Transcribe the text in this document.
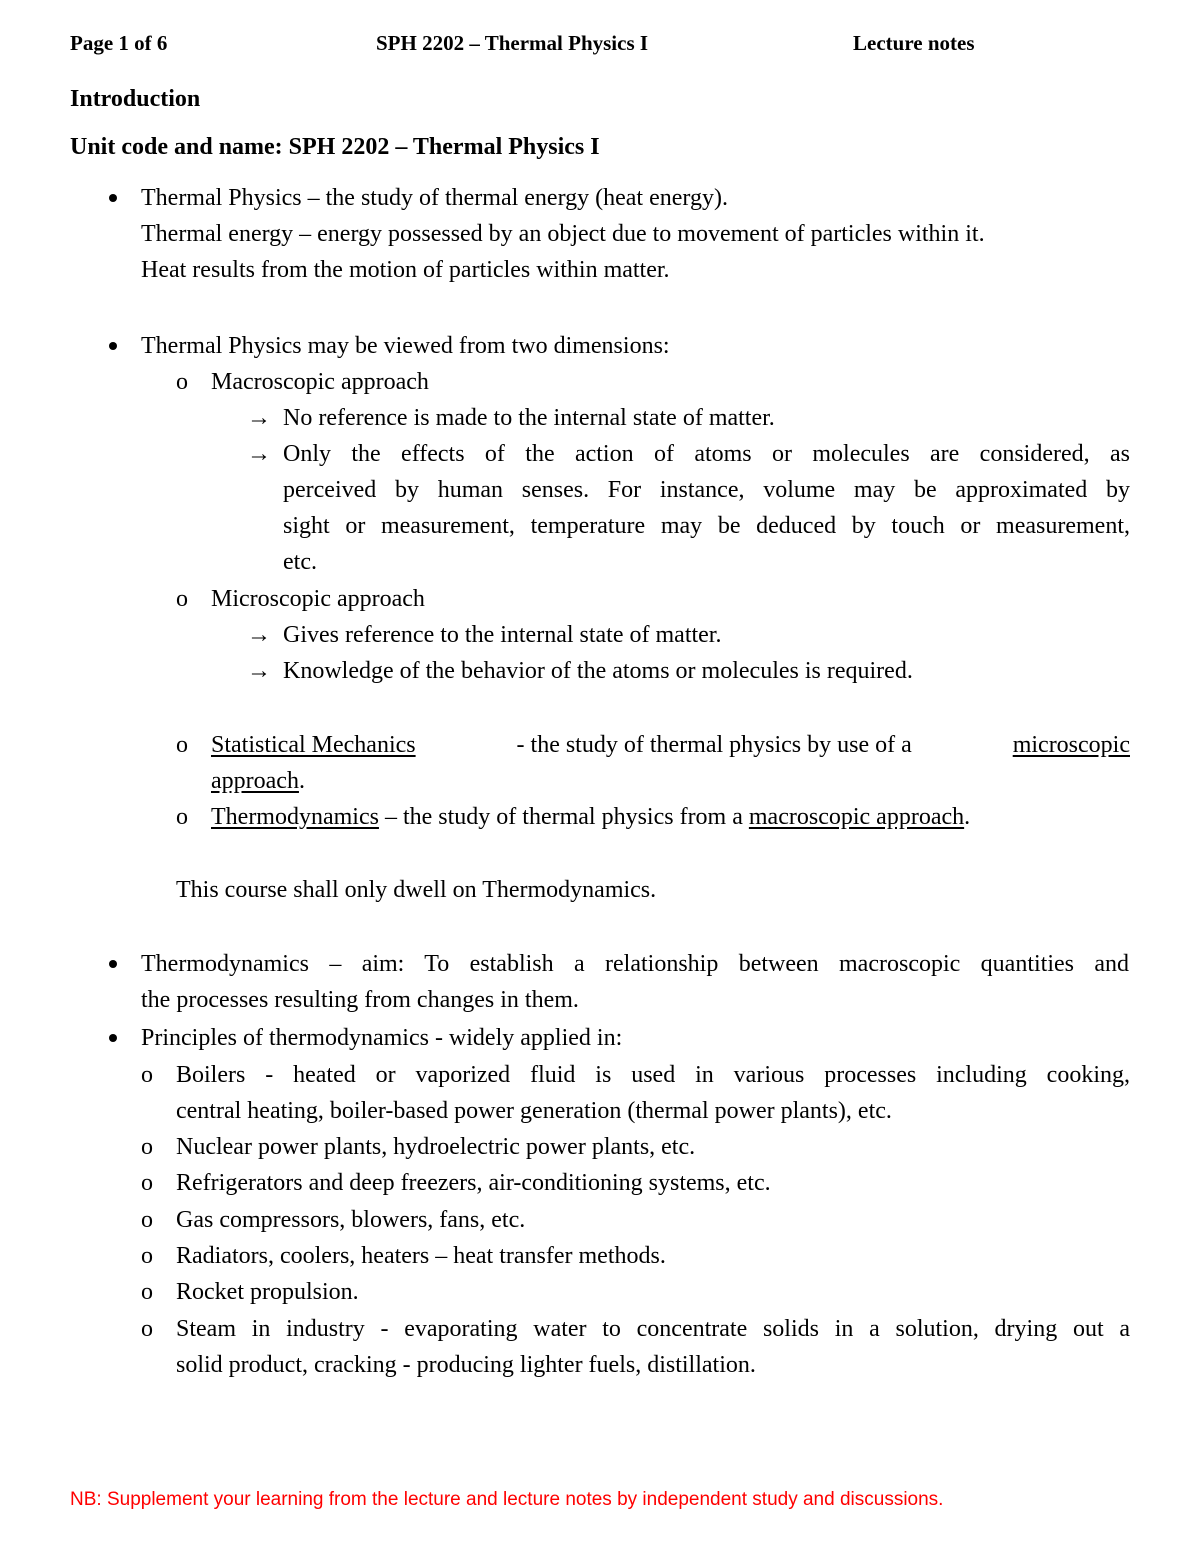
Page 1 of 6	SPH 2202 – Thermal Physics I	Lecture notes
Introduction
Unit code and name: SPH 2202 – Thermal Physics I
Thermal Physics – the study of thermal energy (heat energy).
Thermal energy – energy possessed by an object due to movement of particles within it.
Heat results from the motion of particles within matter.
Thermal Physics may be viewed from two dimensions:
o Macroscopic approach
→ No reference is made to the internal state of matter.
→ Only the effects of the action of atoms or molecules are considered, as
perceived by human senses. For instance, volume may be approximated by
sight or measurement, temperature may be deduced by touch or measurement,
etc.
o Microscopic approach
→ Gives reference to the internal state of matter.
→ Knowledge of the behavior of the atoms or molecules is required.
o Statistical Mechanics	- the study of thermal physics by use of a	microscopic
approach.
o Thermodynamics – the study of thermal physics from a macroscopic approach.
This course shall only dwell on Thermodynamics.
Thermodynamics – aim: To establish a relationship between macroscopic quantities and
the processes resulting from changes in them.
Principles of thermodynamics - widely applied in:
o Boilers - heated or vaporized fluid is used in various processes including cooking,
central heating, boiler-based power generation (thermal power plants), etc.
o Nuclear power plants, hydroelectric power plants, etc.
o Refrigerators and deep freezers, air-conditioning systems, etc.
o Gas compressors, blowers, fans, etc.
o Radiators, coolers, heaters – heat transfer methods.
o Rocket propulsion.
o Steam in industry - evaporating water to concentrate solids in a solution, drying out a
solid product, cracking - producing lighter fuels, distillation.
NB: Supplement your learning from the lecture and lecture notes by independent study and discussions.
